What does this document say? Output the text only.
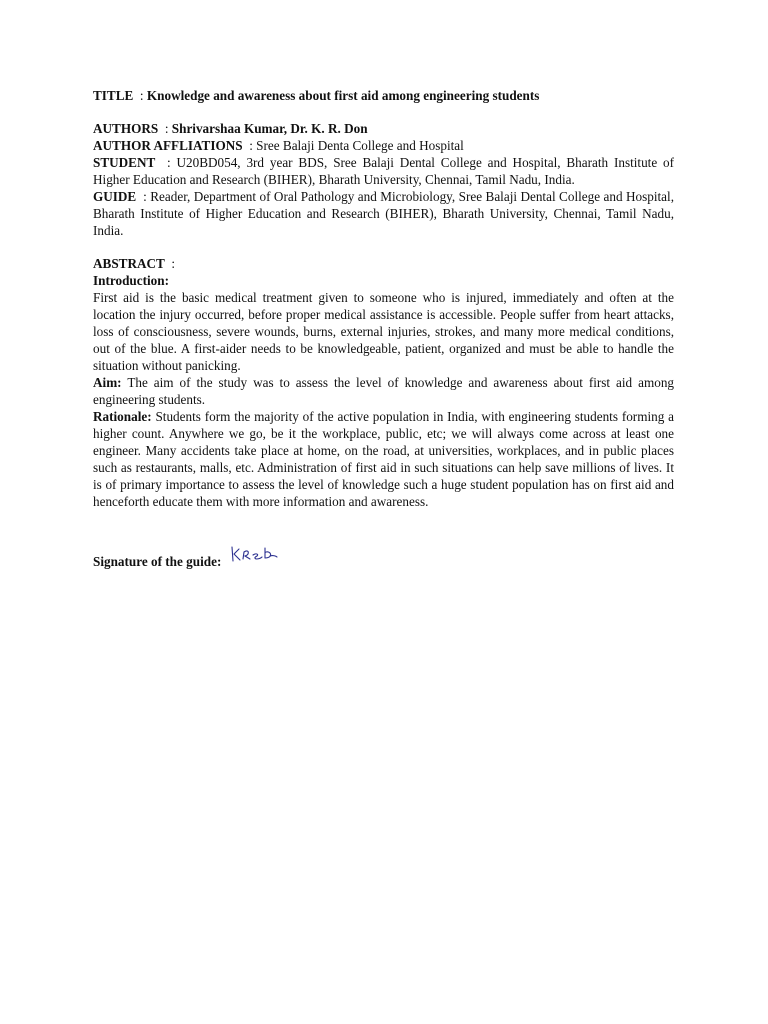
TITLE  : Knowledge and awareness about first aid among engineering students

AUTHORS  : Shrivarshaa Kumar, Dr. K. R. Don

AUTHOR AFFLIATIONS  : Sree Balaji Denta College and Hospital

STUDENT  : U20BD054, 3rd year BDS, Sree Balaji Dental College and Hospital, Bharath Institute of Higher Education and Research (BIHER), Bharath University, Chennai, Tamil Nadu, India.

GUIDE  : Reader, Department of Oral Pathology and Microbiology, Sree Balaji Dental College and Hospital, Bharath Institute of Higher Education and Research (BIHER), Bharath University, Chennai, Tamil Nadu, India.

ABSTRACT  :

Introduction:

First aid is the basic medical treatment given to someone who is injured, immediately and often at the location the injury occurred, before proper medical assistance is accessible. People suffer from heart attacks, loss of consciousness, severe wounds, burns, external injuries, strokes, and many more medical conditions, out of the blue. A first-aider needs to be knowledgeable, patient, organized and must be able to handle the situation without panicking.

Aim: The aim of the study was to assess the level of knowledge and awareness about first aid among engineering students.

Rationale: Students form the majority of the active population in India, with engineering students forming a higher count. Anywhere we go, be it the workplace, public, etc; we will always come across at least one engineer. Many accidents take place at home, on the road, at universities, workplaces, and in public places such as restaurants, malls, etc. Administration of first aid in such situations can help save millions of lives. It is of primary importance to assess the level of knowledge such a huge student population has on first aid and henceforth educate them with more information and awareness.

Signature of the guide:
